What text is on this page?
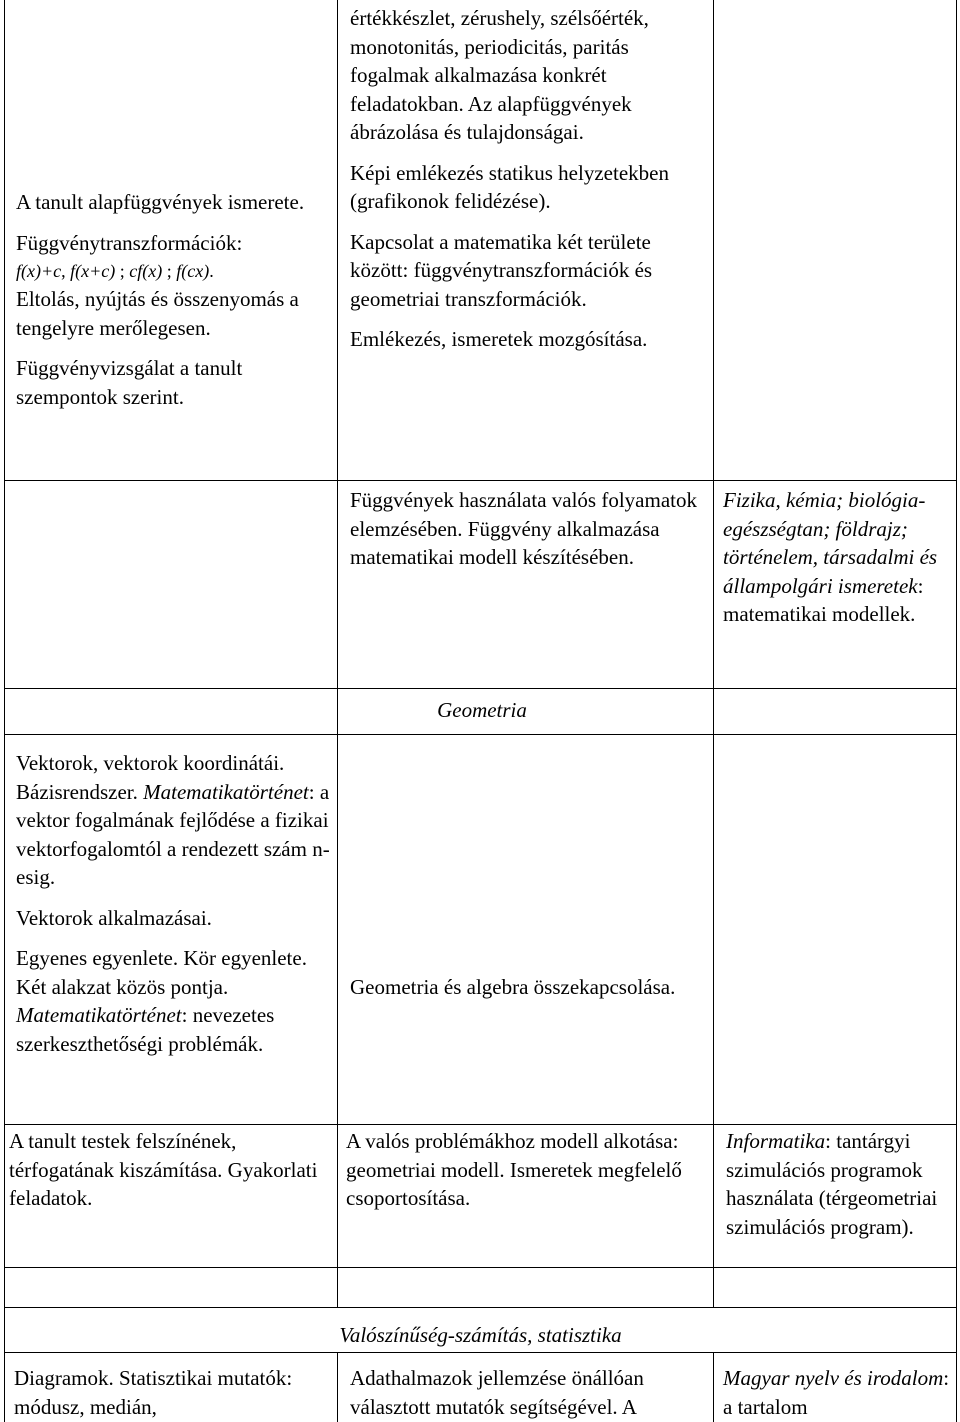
A tanult alapfüggvények ismerete.

Függvénytranszformációk:

f(x)+c, f(x+c) ; cf(x) ; f(cx).

Eltolás, nyújtás és összenyomás a tengelyre merőlegesen.

Függvényvizsgálat a tanult szempontok szerint.

értékkészlet, zérushely, szélsőérték, monotonitás, periodicitás, paritás fogalmak alkalmazása konkrét feladatokban. Az alapfüggvények ábrázolása és tulajdonságai.

Képi emlékezés statikus helyzetekben (grafikonok felidézése).

Kapcsolat a matematika két területe között: függvénytranszformációk és geometriai transzformációk.

Emlékezés, ismeretek mozgósítása.

Függvények használata valós folyamatok elemzésében. Függvény alkalmazása matematikai modell készítésében.

Fizika, kémia; biológia-egészségtan; földrajz; történelem, társadalmi és állampolgári ismeretek: matematikai modellek.

Geometria

Vektorok, vektorok koordinátái. Bázisrendszer. Matematikatörténet: a vektor fogalmának fejlődése a fizikai vektorfogalomtól a rendezett szám n-esig.

Vektorok alkalmazásai.

Egyenes egyenlete. Kör egyenlete. Két alakzat közös pontja. Matematikatörténet: nevezetes szerkeszthetőségi problémák.

Geometria és algebra összekapcsolása.

A tanult testek felszínének, térfogatának kiszámítása. Gyakorlati feladatok.

A valós problémákhoz modell alkotása: geometriai modell. Ismeretek megfelelő csoportosítása.

Informatika: tantárgyi szimulációs programok használata (térgeometriai szimulációs program).

Valószínűség-számítás, statisztika

Diagramok. Statisztikai mutatók: módusz, medián,

Adathalmazok jellemzése önállóan választott mutatók segítségével. A

Magyar nyelv és irodalom: a tartalom
